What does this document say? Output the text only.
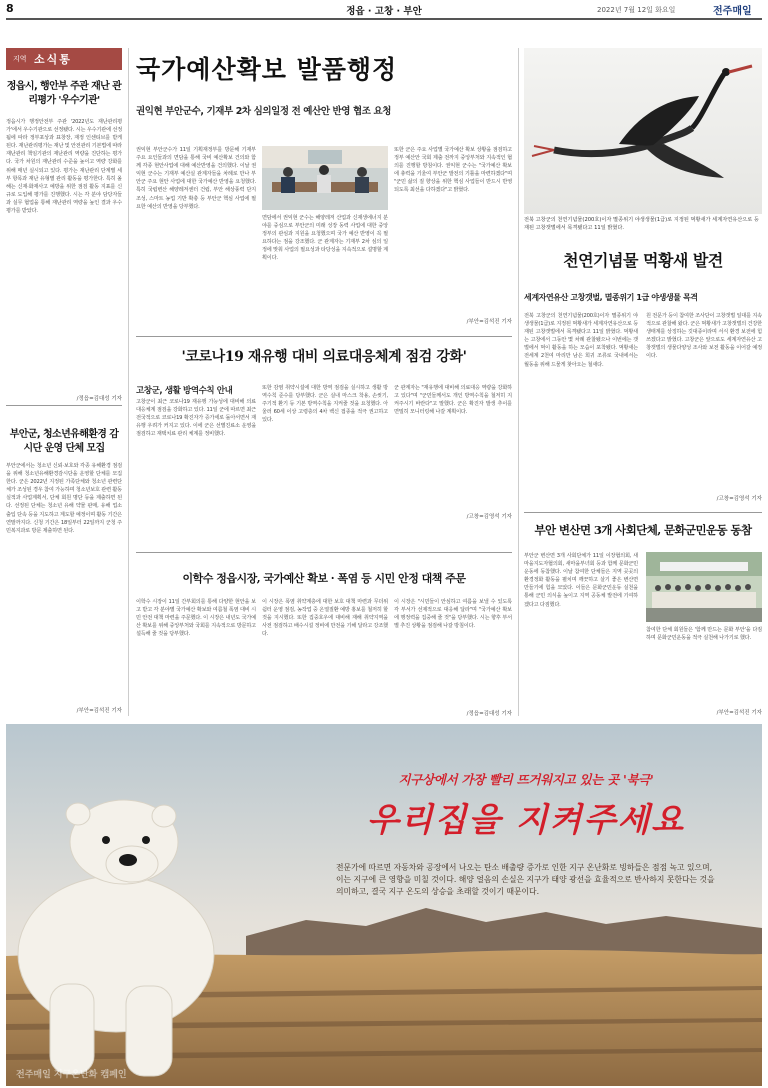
8	정읍 · 고창 · 부안	2022년 7월 12일 화요일	전주매일
지역 소식통
정읍시, 행안부 주관 재난 관리평가 '우수기관'
정읍시가 행정안전부 주관 '2022년도 재난관리평가'에서 우수기관으로 선정됐다. 시는 우수기관에 선정됨에 따라 정부포상과 표창장, 재정 인센티브를 받게 된다. 재난관리평가는 재난 및 안전관리 기본법에 따라 재난관리 책임기관의 재난관리 역량을 진단하는 평가다. 국가 차원의 재난관리 수준을 높이고 역량 강화를 위해 매년 실시되고 있다. 평가는 재난관리 단계별 세부 항목과 재난 유형별 관리 활동을 평가한다. 특히 올해는 신재·화재사고 예방을 위한 점검 활동 지표를 신규로 도입해 평가를 진행했다. 시는 각 분야 담당자들과 실무 협업을 통해 재난관리 역량을 높인 결과 우수 평가를 받았다.
/정읍=김대성 기자
부안군, 청소년유해환경 감시단 운영 단체 모집
부안군에서는 청소년 신뢰·보호와 각종 유해환경 점검을 위해 청소년유해환경감시단을 운영할 단체를 모집한다. 군은 2022년 지정된 가족단체와 청소년 관련단체가 조성된 경우 참여 가능하며 청소년보호 관련 활동 실적과 사업계획서, 단체 회원 명단 등을 제출하면 된다. 선정된 단체는 청소년 유해 약물 판매, 유해 업소 출입 단속 등을 지도하고 계도할 예정이며 활동 기간은 연말까지다. 신청 기간은 18일부터 22일까지 군청 주민복지과로 방문 제출하면 된다.
/부안=김석진 기자
국가예산확보 발품행정
권익현 부안군수, 기재부 2차 심의일정 전 예산안 반영 협조 요청
권익현 부안군수가 11일 기획재정부를 방문해 기재부 주요 요인들과의 면담을 통해 국비 예산확보 건의와 함께 각종 현안사업에 대해 예산반영을 건의했다. 이날 권익현 군수는 기재부 예산실 관계자들을 차례로 만나 부안군 주요 현안 사업에 대한 국가예산 반영을 요청했다. 특히 국립변산 해양레저센터 건립, 부안 해상풍력 단지 조성, 스마트 농업 기반 확충 등 부안군 핵심 사업에 필요한 예산의 반영을 당부했다.
면담에서 권익현 군수는 해양레저 산업과 신재생에너지 분야를 중심으로 부안군의 미래 성장 동력 사업에 대한 중앙정부의 관심과 지원을 요청했으며 국가 예산 반영이 꼭 필요하다는 점을 강조했다. 군 관계자는 기재부 2차 심의 일정에 맞춰 사업의 필요성과 타당성을 지속적으로 설명할 계획이다.
또한 군은 주요 사업별 국가예산 확보 상황을 점검하고 정부 예산안 국회 제출 전까지 중앙부처와 지속적인 협의를 진행할 방침이다. 권익현 군수는 "국가예산 확보에 총력을 기울여 부안군 발전의 기틀을 마련하겠다"며 "군민 삶의 질 향상을 위한 핵심 사업들이 반드시 반영되도록 최선을 다하겠다"고 밝혔다.
/부안=김석진 기자
'코로나19 재유행 대비 의료대응체계 점검 강화'
고창군, 생활 방역수칙 안내
고창군이 최근 코로나19 재유행 가능성에 대비해 의료대응체계 점검을 강화하고 있다. 11일 군에 따르면 최근 전국적으로 코로나19 확진자가 증가세로 돌아서면서 재유행 우려가 커지고 있다. 이에 군은 선별진료소 운영을 점검하고 재택치료 관리 체계를 정비했다.
또한 감염 취약시설에 대한 방역 점검을 실시하고 생활 방역수칙 준수를 당부했다. 군은 실내 마스크 착용, 손씻기, 주기적 환기 등 기본 방역수칙을 지켜줄 것을 요청했다. 아울러 60세 이상 고령층의 4차 백신 접종을 적극 권고하고 있다.
군 관계자는 "재유행에 대비해 의료대응 역량을 강화하고 있다"며 "군민들께서도 개인 방역수칙을 철저히 지켜주시기 바란다"고 말했다. 군은 확진자 발생 추이를 면밀히 모니터링해 나갈 계획이다.
/고창=김영석 기자
이학수 정읍시장, 국가예산 확보 · 폭염 등 시민 안정 대책 주문
이학수 시장이 11일 간부회의를 통해 다양한 현안을 보고 받고 각 분야별 국가예산 확보와 여름철 폭염 대비 시민 안전 대책 마련을 주문했다. 이 시장은 내년도 국가예산 확보를 위해 중앙부처와 국회를 지속적으로 방문하고 설득해 줄 것을 당부했다.
이 시장은 폭염 취약계층에 대한 보호 대책 마련과 무더위 쉼터 운영 점검, 농작업 중 온열질환 예방 홍보를 철저히 할 것을 지시했다. 또한 집중호우에 대비해 재해 취약지역을 사전 점검하고 배수시설 정비에 만전을 기해 달라고 강조했다.
이 시장은 "시민들이 안심하고 여름을 보낼 수 있도록 각 부서가 선제적으로 대응해 달라"며 "국가예산 확보에 행정력을 집중해 줄 것"을 당부했다. 시는 향후 부서별 추진 상황을 점검해 나갈 방침이다.
/정읍=김대성 기자
전북 고창군의 천연기념물(200호)이자 멸종위기 야생생물(1급)로 지정된 먹황새가 세계자연유산으로 등재된 고창갯벌에서 목격됐다고 11일 밝혔다.
천연기념물 먹황새 발견
세계자연유산 고창갯벌, 멸종위기 1급 야생생물 목격
전북 고창군의 천연기념물(200호)이자 멸종위기 야생생물(1급)로 지정된 먹황새가 세계자연유산으로 등재된 고창갯벌에서 목격됐다고 11일 밝혔다. 먹황새는 고창에서 그동안 몇 차례 관찰됐으나 이번에는 갯벌에서 먹이 활동을 하는 모습이 포착됐다. 먹황새는 전세계 2천여 마리만 남은 희귀 조류로 국내에서는 월동을 위해 드물게 찾아오는 철새다.
원 전문가 등이 참여한 조사단이 고창갯벌 일대를 지속적으로 관찰해 왔다. 군은 먹황새가 고창갯벌의 건강한 생태계를 상징하는 깃대종이라며 서식 환경 보전에 힘쓰겠다고 밝혔다. 고창군은 앞으로도 세계자연유산 고창갯벌의 생물다양성 조사와 보전 활동을 이어갈 예정이다.
/고창=김영석 기자
부안 변산면 3개 사회단체, 문화군민운동 동참
부안군 변산면 3개 사회단체가 11일 이장협의회, 새마을지도자협의회, 새마을부녀회 등과 함께 문화군민운동에 동참했다. 이날 참여한 단체들은 지역 곳곳의 환경정화 활동을 펼치며 깨끗하고 살기 좋은 변산면 만들기에 힘을 모았다. 이들은 문화군민운동 실천을 통해 군민 의식을 높이고 지역 공동체 발전에 기여하겠다고 다짐했다.
참여한 단체 회원들은 '함께 만드는 문화 부안'을 다짐하며 문화군민운동을 적극 실천해 나가기로 했다.
/부안=김석진 기자
지구상에서 가장 빨리 뜨거워지고 있는 곳 '북극'
우리집을 지켜주세요
전문가에 따르면 자동차와 공장에서 나오는 탄소 배출량 증가로 인한 지구 온난화로 빙하들은 점점 녹고 있으며, 이는 지구에 큰 영향을 미칠 것이다. 해양 얼음의 손실은 지구가 태양 광선을 효율적으로 반사하지 못한다는 것을 의미하고, 결국 지구 온도의 상승을 초래할 것이기 때문이다.
전주매일 지구온난화 캠페인
